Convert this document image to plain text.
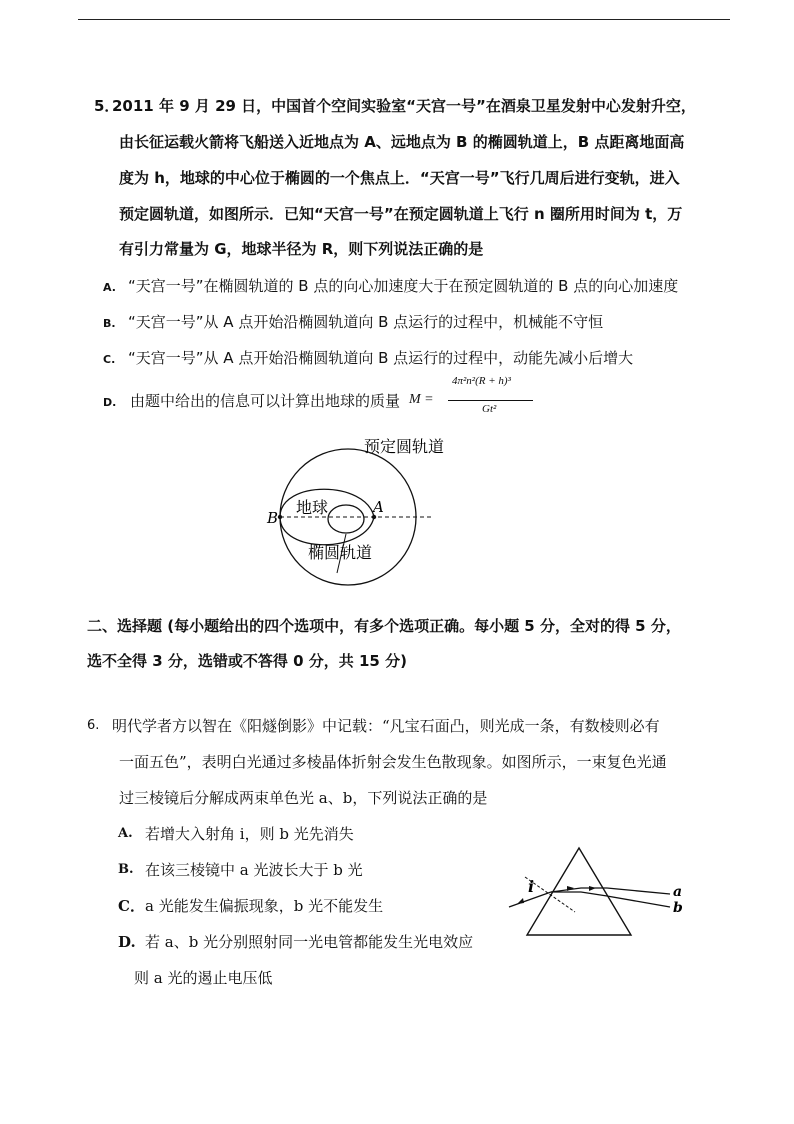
5．
2011 年 9 月 29 日，中国首个空间实验室“天宫一号”在酒泉卫星发射中心发射升空，
由长征运载火箭将飞船送入近地点为 A、远地点为 B 的椭圆轨道上，B 点距离地面高
度为 h，地球的中心位于椭圆的一个焦点上．“天宫一号”飞行几周后进行变轨，进入
预定圆轨道，如图所示．已知“天宫一号”在预定圆轨道上飞行 n 圈所用时间为 t，万
有引力常量为 G，地球半径为 R，则下列说法正确的是
A. “天宫一号”在椭圆轨道的 B 点的向心加速度大于在预定圆轨道的 B 点的向心加速度
B. “天宫一号”从 A 点开始沿椭圆轨道向 B 点运行的过程中，机械能不守恒
C. “天宫一号”从 A 点开始沿椭圆轨道向 B 点运行的过程中，动能先减小后增大
D. 由题中给出的信息可以计算出地球的质量 M =
4π²n²(R + h)³
Gt²
预定圆轨道
地球
椭圆轨道
A
B
二、选择题 (每小题给出的四个选项中，有多个选项正确。每小题 5 分，全对的得 5 分，
选不全得 3 分，选错或不答得 0 分，共 15 分)
6. 明代学者方以智在《阳燧倒影》中记载：“凡宝石面凸，则光成一条，有数棱则必有
一面五色”，表明白光通过多棱晶体折射会发生色散现象。如图所示，一束复色光通
过三棱镜后分解成两束单色光 a、b，下列说法正确的是
A. 若增大入射角 i，则 b 光先消失
B. 在该三棱镜中 a 光波长大于 b 光
C． a 光能发生偏振现象，b 光不能发生
D. 若 a、b 光分别照射同一光电管都能发生光电效应
则 a 光的遏止电压低
i	a
b
